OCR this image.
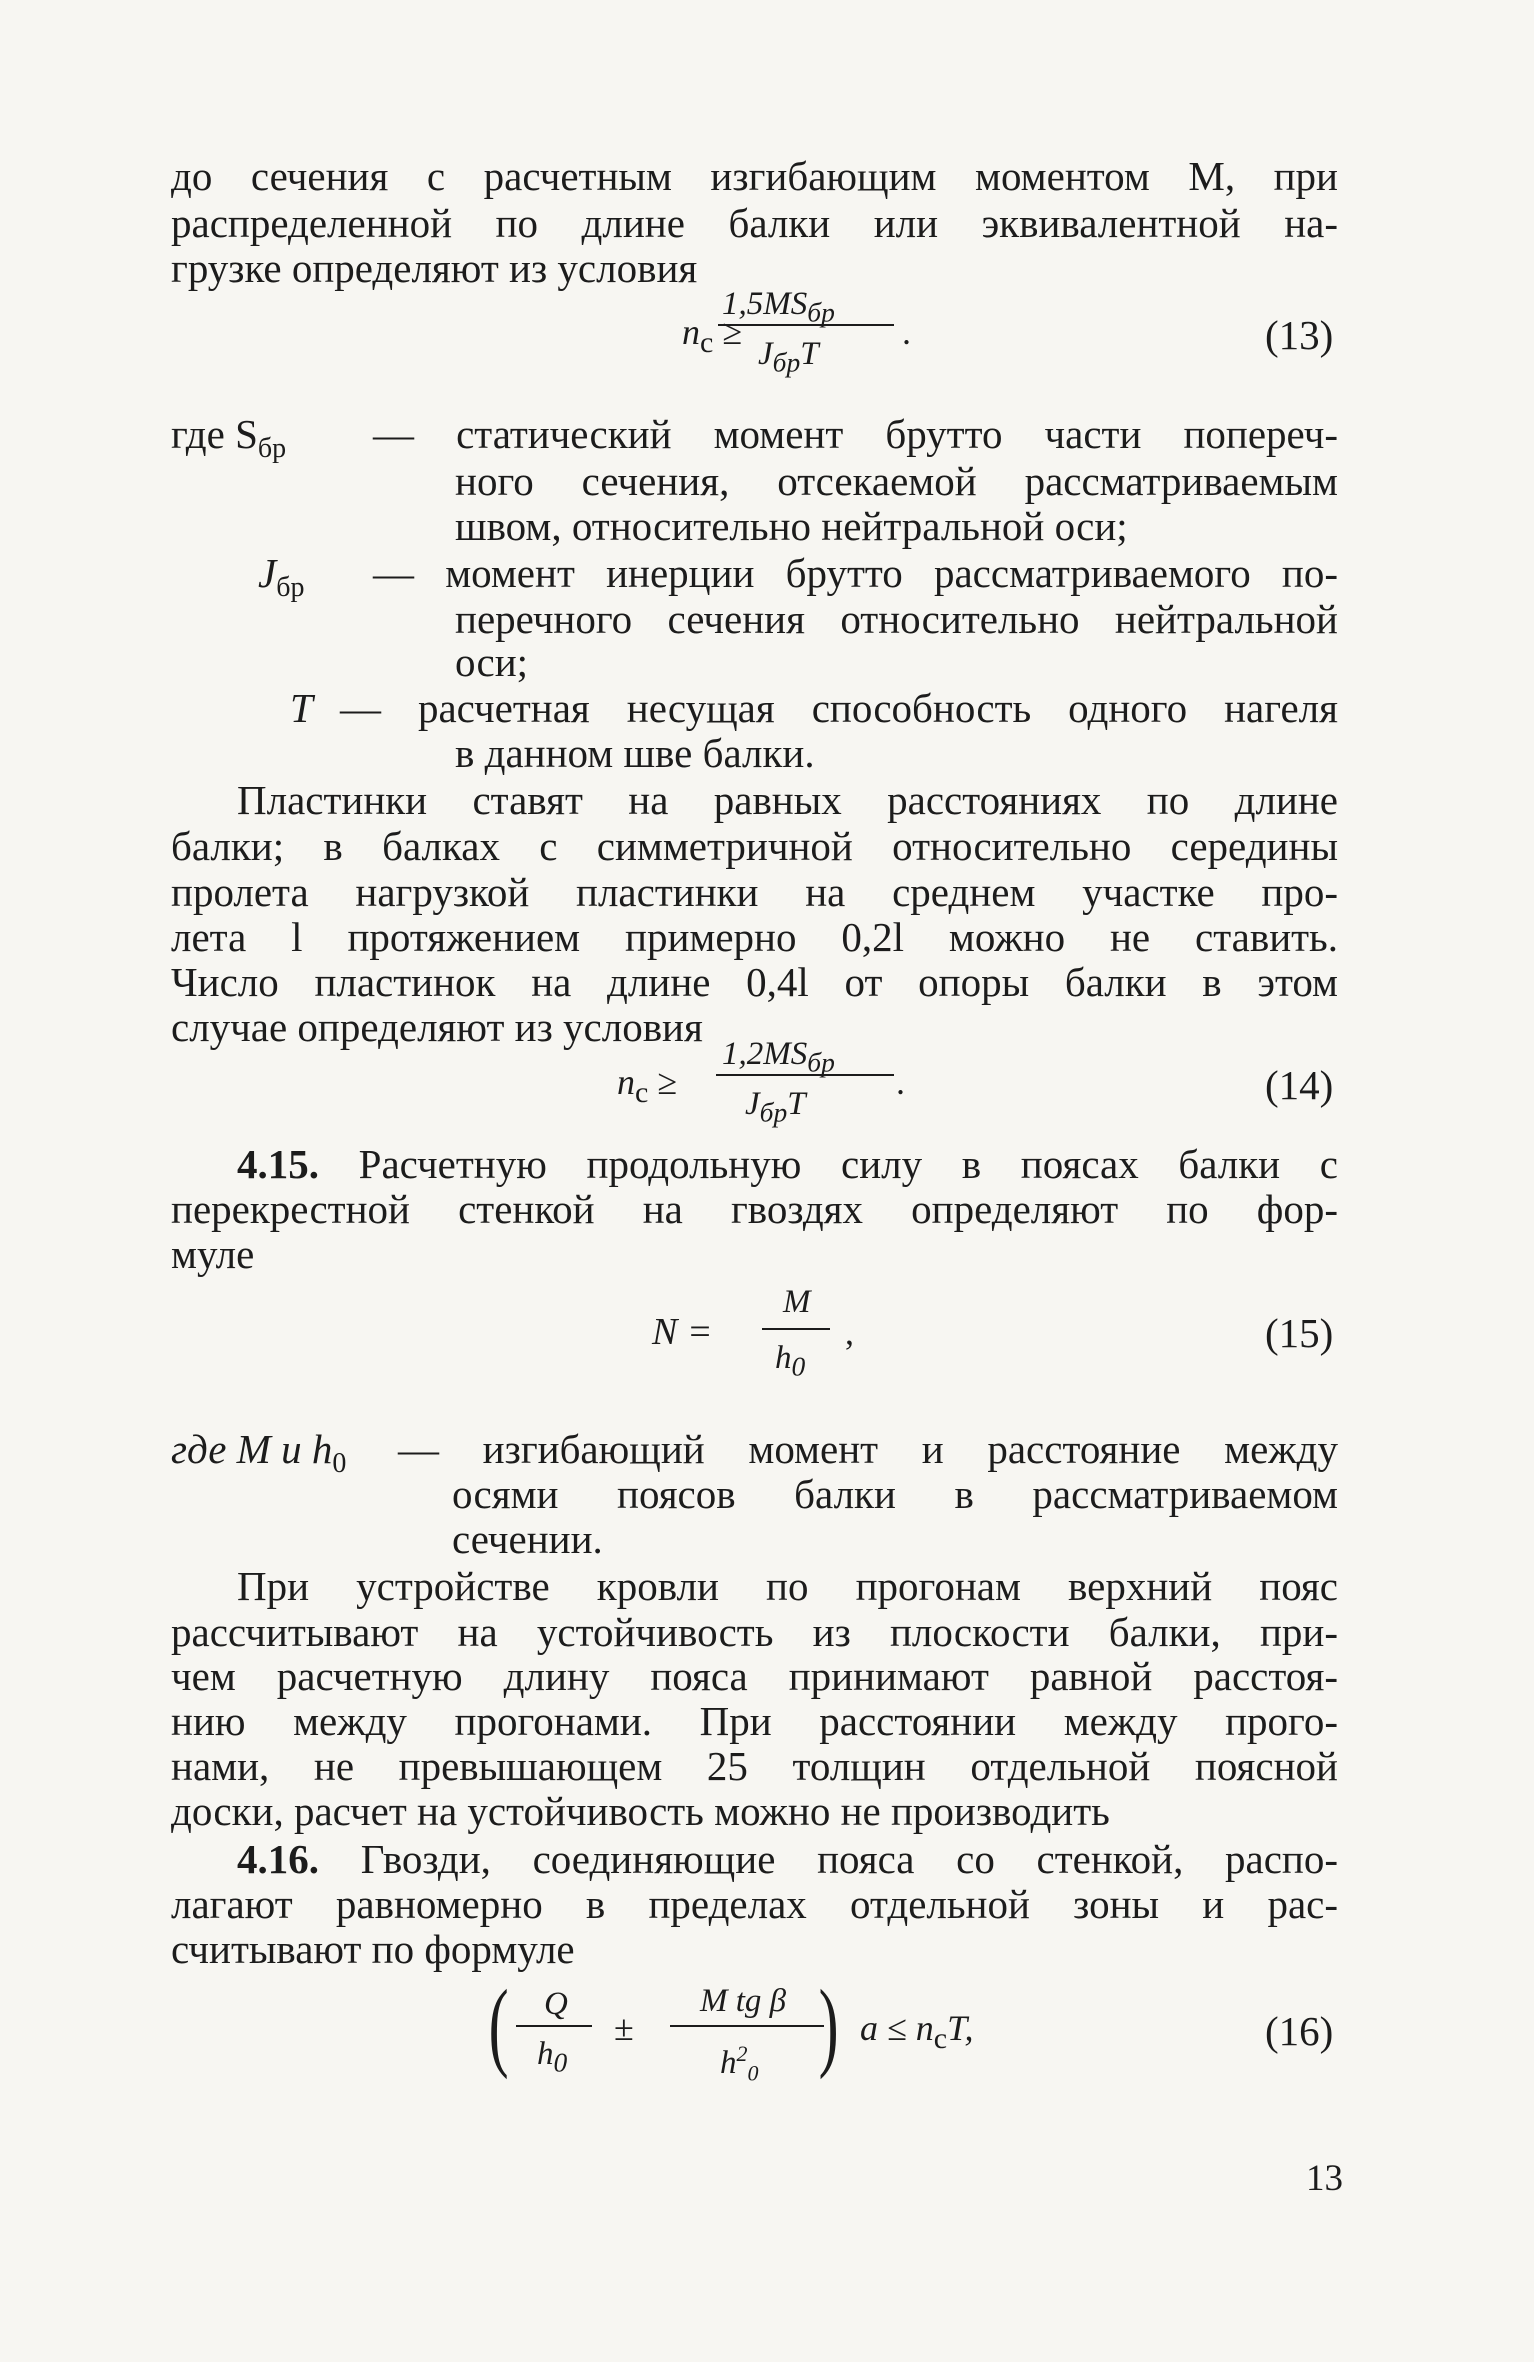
до сечения с расчетным изгибающим моментом M, при
распределенной по длине балки или эквивалентной на-
грузке определяют из условия
$n_c$ ≥
$1,5MS_{бр}$
$J_{бр}T$
.	(13)
где $S_{бр}$ — статический момент брутто части попереч-
ного сечения, отсекаемой рассматриваемым
швом, относительно нейтральной оси;
$J_{бр}$ — момент инерции брутто рассматриваемого по-
перечного сечения относительно нейтральной
оси;
T — расчетная несущая способность одного нагеля
в данном шве балки.
Пластинки ставят на равных расстояниях по длине
балки; в балках с симметричной относительно середины
пролета нагрузкой пластинки на среднем участке про-
лета l протяжением примерно 0,2l можно не ставить.
Число пластинок на длине 0,4l от опоры балки в этом
случае определяют из условия
$n_c$ ≥
$1,2MS_{бр}$
$J_{бр}T$
.	(14)
4.15. Расчетную продольную силу в поясах балки с
перекрестной стенкой на гвоздях определяют по фор-
муле
N =
M
$h_0$
,	(15)
где M и $h_0$ — изгибающий момент и расстояние между
осями поясов балки в рассматриваемом
сечении.
При устройстве кровли по прогонам верхний пояс
рассчитывают на устойчивость из плоскости балки, при-
чем расчетную длину пояса принимают равной расстоя-
нию между прогонами. При расстоянии между прого-
нами, не превышающем 25 толщин отдельной поясной
доски, расчет на устойчивость можно не производить
4.16. Гвозди, соединяющие пояса со стенкой, распо-
лагают равномерно в пределах отдельной зоны и рас-
считывают по формуле
( Q
$h_0$
±
M tg β
$h^2_0$ ) $a \le n_cT$,	(16)
13
